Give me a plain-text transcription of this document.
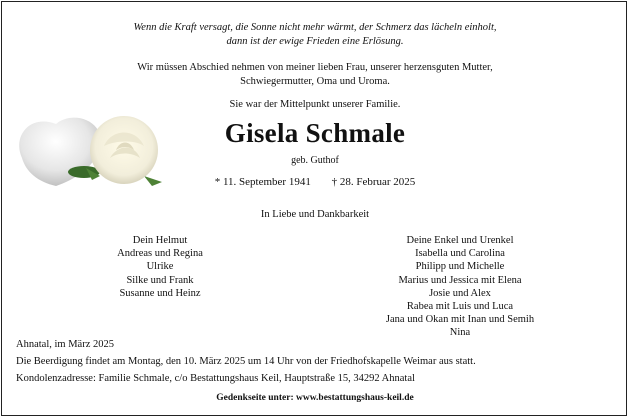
Wenn die Kraft versagt, die Sonne nicht mehr wärmt, der Schmerz das lächeln einholt,
dann ist der ewige Frieden eine Erlösung.
Wir müssen Abschied nehmen von meiner lieben Frau, unserer herzensguten Mutter,
Schwiegermutter, Oma und Uroma.
Sie war der Mittelpunkt unserer Familie.
Gisela Schmale
geb. Guthof
* 11. September 1941 † 28. Februar 2025
In Liebe und Dankbarkeit
Dein Helmut
Andreas und Regina
Ulrike
Silke und Frank
Susanne und Heinz
Deine Enkel und Urenkel
Isabella und Carolina
Philipp und Michelle
Marius und Jessica mit Elena
Josie und Alex
Rabea mit Luis und Luca
Jana und Okan mit Inan und Semih
Nina
Ahnatal, im März 2025
Die Beerdigung findet am Montag, den 10. März 2025 um 14 Uhr von der Friedhofskapelle Weimar aus statt.
Kondolenzadresse: Familie Schmale, c/o Bestattungshaus Keil, Hauptstraße 15, 34292 Ahnatal
Gedenkseite unter: www.bestattungshaus-keil.de
